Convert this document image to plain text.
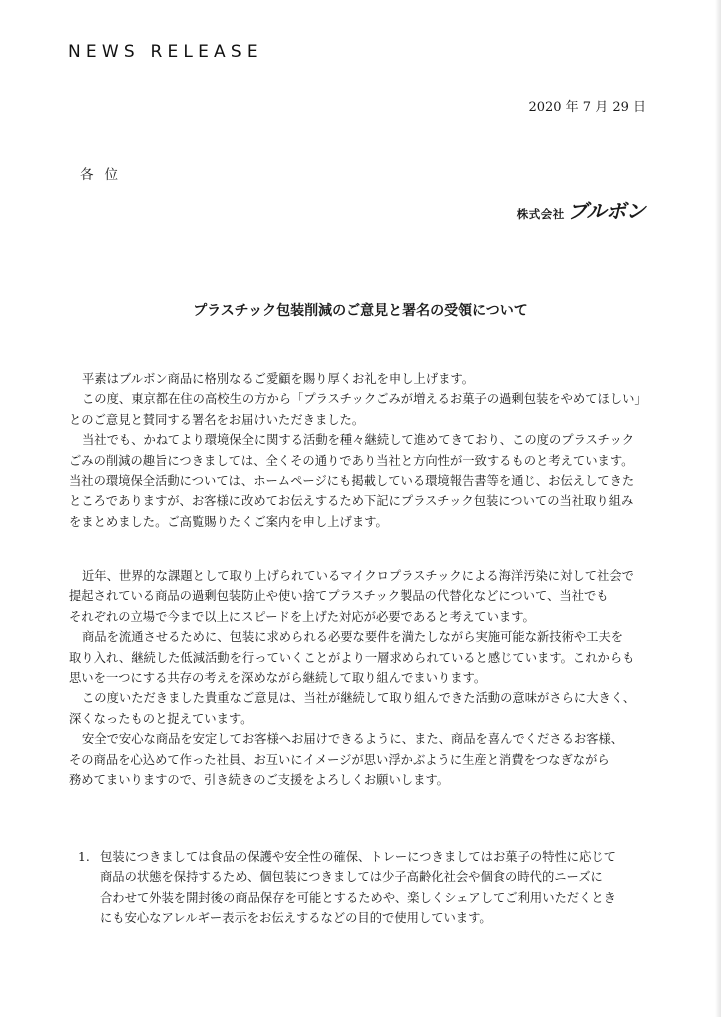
NEWS RELEASE
2020 年 7 月 29 日
各位
株式会社 ブルボン
プラスチック包装削減のご意見と署名の受領について
平素はブルボン商品に格別なるご愛顧を賜り厚くお礼を申し上げます。
この度、東京都在住の高校生の方から「プラスチックごみが増えるお菓子の過剰包装をやめてほしい」
とのご意見と賛同する署名をお届けいただきました。
当社でも、かねてより環境保全に関する活動を種々継続して進めてきており、この度のプラスチック
ごみの削減の趣旨につきましては、全くその通りであり当社と方向性が一致するものと考えています。
当社の環境保全活動については、ホームページにも掲載している環境報告書等を通じ、お伝えしてきた
ところでありますが、お客様に改めてお伝えするため下記にプラスチック包装についての当社取り組み
をまとめました。ご高覧賜りたくご案内を申し上げます。
近年、世界的な課題として取り上げられているマイクロプラスチックによる海洋汚染に対して社会で
提起されている商品の過剰包装防止や使い捨てプラスチック製品の代替化などについて、当社でも
それぞれの立場で今まで以上にスピードを上げた対応が必要であると考えています。
商品を流通させるために、包装に求められる必要な要件を満たしながら実施可能な新技術や工夫を
取り入れ、継続した低減活動を行っていくことがより一層求められていると感じています。これからも
思いを一つにする共存の考えを深めながら継続して取り組んでまいります。
この度いただきました貴重なご意見は、当社が継続して取り組んできた活動の意味がさらに大きく、
深くなったものと捉えています。
安全で安心な商品を安定してお客様へお届けできるように、また、商品を喜んでくださるお客様、
その商品を心込めて作った社員、お互いにイメージが思い浮かぶように生産と消費をつなぎながら
務めてまいりますので、引き続きのご支援をよろしくお願いします。
1. 包装につきましては食品の保護や安全性の確保、トレーにつきましてはお菓子の特性に応じて
商品の状態を保持するため、個包装につきましては少子高齢化社会や個食の時代的ニーズに
合わせて外装を開封後の商品保存を可能とするためや、楽しくシェアしてご利用いただくとき
にも安心なアレルギー表示をお伝えするなどの目的で使用しています。
